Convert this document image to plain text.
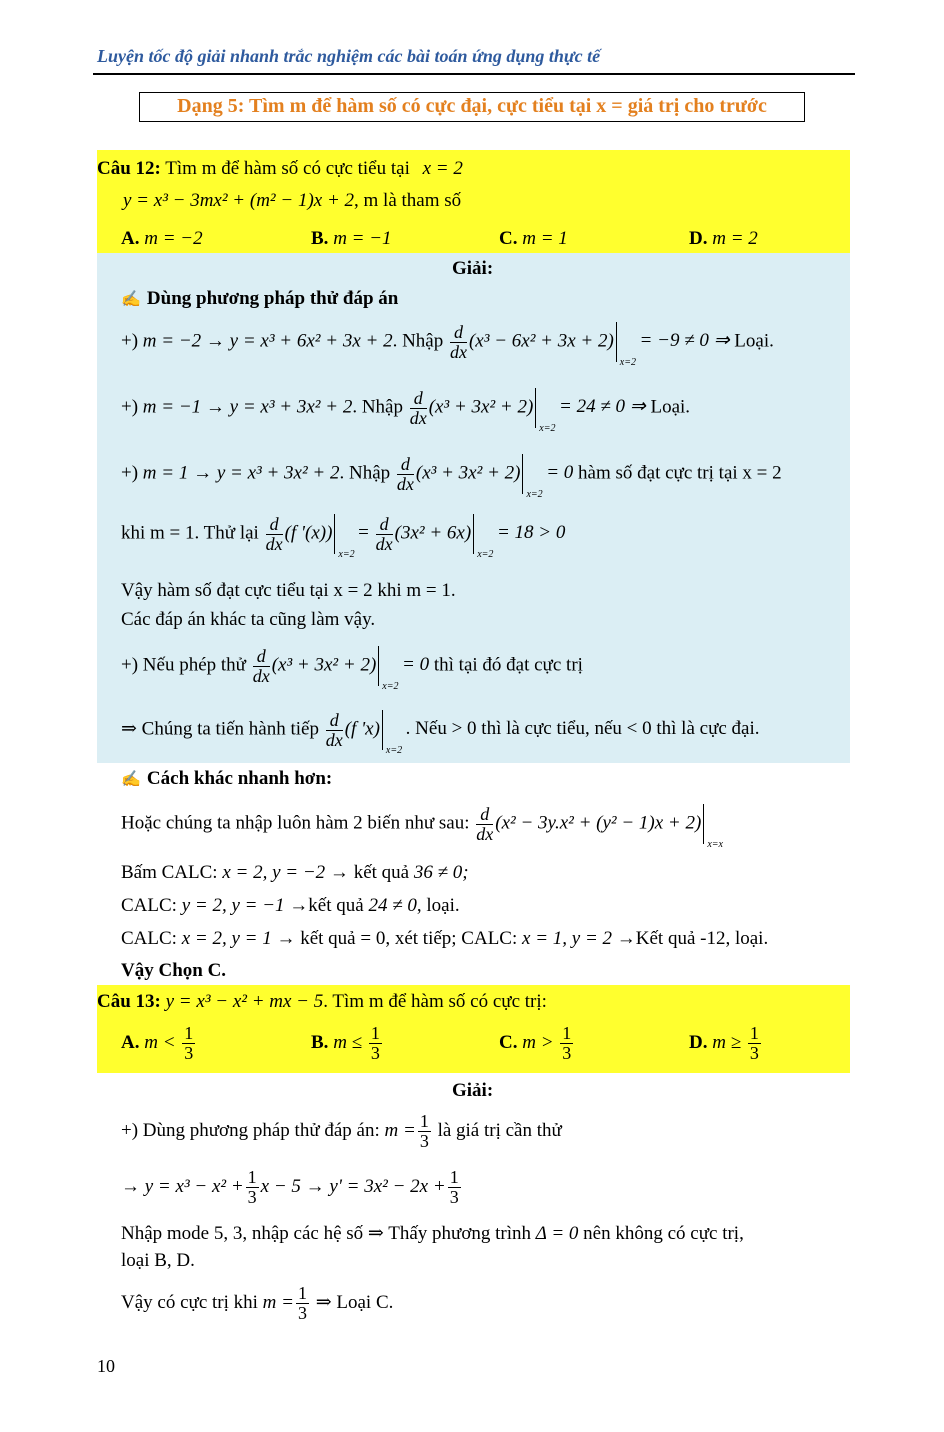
Luyện tốc độ giải nhanh trắc nghiệm các bài toán ứng dụng thực tế
Dạng 5: Tìm m để hàm số có cực đại, cực tiểu tại x = giá trị cho trước
Câu 12: Tìm m để hàm số có cực tiểu tại x = 2
y = x³ − 3mx² + (m² − 1)x + 2, m là tham số
A. m = −2	B. m = −1	C. m = 1	D. m = 2
Giải:
✍ Dùng phương pháp thử đáp án
+) m = −2 → y = x³ + 6x² + 3x + 2. Nhập $\frac{d}{dx} (x^3 - 6x^2 + 3x + 2)$
x=2
= −9 ≠ 0 ⇒ Loại.
+) m = −1 → y = x³ + 3x² + 2. Nhập $\frac{d}{dx} (x^3 + 3x^2 + 2)$
x=2
= 24 ≠ 0 ⇒ Loại.
+) m = 1 → y = x³ + 3x² + 2. Nhập $\frac{d}{dx} (x^3 + 3x^2 + 2)$
x=2
= 0 hàm số đạt cực trị tại x = 2
khi m = 1. Thử lại $\frac{d}{dx} (f$ '(x))
x=2
= $\frac{d}{dx} (3x^2 + 6x)$
x=2
= 18 > 0
Vậy hàm số đạt cực tiểu tại x = 2 khi m = 1.
Các đáp án khác ta cũng làm vậy.
+) Nếu phép thử $\frac{d}{dx} (x^3 + 3x^2 + 2)$
x=2
= 0 thì tại đó đạt cực trị
⇒ Chúng ta tiến hành tiếp $\frac{d}{dx} (f$ 'x)
x=2
. Nếu > 0 thì là cực tiểu, nếu < 0 thì là cực đại.
✍ Cách khác nhanh hơn:
Hoặc chúng ta nhập luôn hàm 2 biến như sau: $\frac{d}{dx} (x^2 - 3y.x^2 + (y^2 - 1)x + 2)$
x=x
Bấm CALC: x = 2, y = −2 → kết quả 36 ≠ 0;
CALC: y = 2, y = −1 →kết quả 24 ≠ 0, loại.
CALC: x = 2, y = 1 → kết quả = 0, xét tiếp; CALC: x = 1, y = 2 →Kết quả -12, loại.
Vậy Chọn C.
Câu 13: y = x³ − x² + mx − 5. Tìm m để hàm số có cực trị:
A. $m < \frac{1}{3}$	B. $m \le \frac{1}{3}$	C. $m > \frac{1}{3}$	D. $m \ge \frac{1}{3}$
Giải:
+) Dùng phương pháp thử đáp án: $m = \frac{1}{3}$ là giá trị cần thử
→ $y = x^3 - x^2 + \frac{1}{3}$ $x - 5 \to y' = 3x^2 - 2x + \frac{1}{3}$
Nhập mode 5, 3, nhập các hệ số ⇒ Thấy phương trình Δ = 0 nên không có cực trị,
loại B, D.
Vậy có cực trị khi $m = \frac{1}{3}$ ⇒ Loại C.
10
